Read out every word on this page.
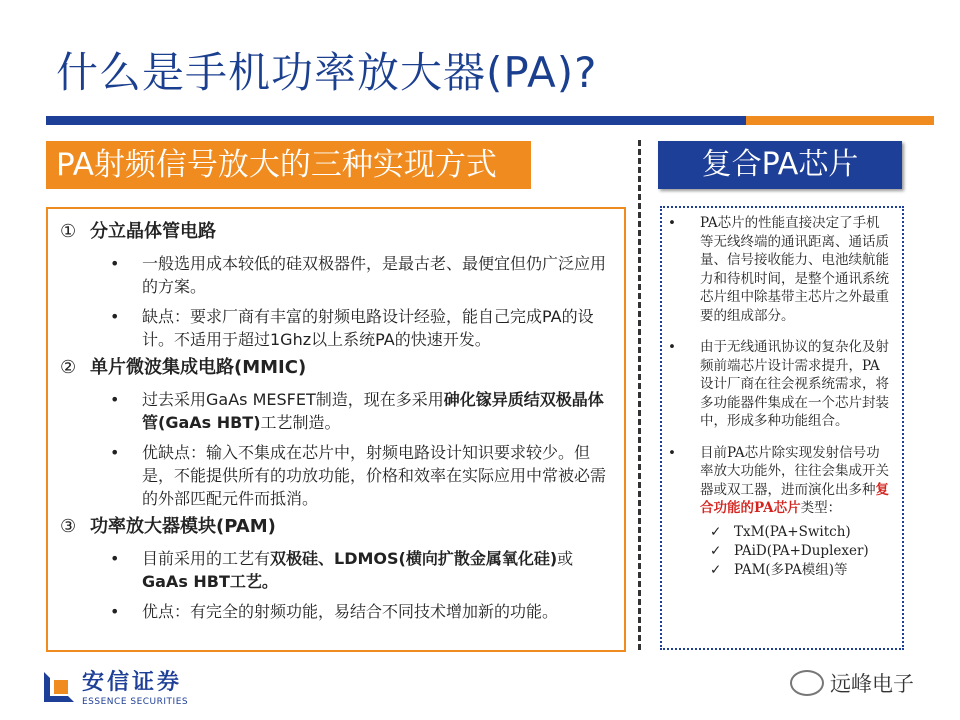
什么是手机功率放大器(PA)?
PA射频信号放大的三种实现方式
① 分立晶体管电路
•	一般选用成本较低的硅双极器件，是最古老、最便宜但仍广泛应用的方案。
•	缺点：要求厂商有丰富的射频电路设计经验，能自己完成PA的设计。不适用于超过1Ghz以上系统PA的快速开发。
② 单片微波集成电路(MMIC)
•	过去采用GaAs MESFET制造，现在多采用砷化镓异质结双极晶体管(GaAs HBT)工艺制造。
•	优缺点：输入不集成在芯片中，射频电路设计知识要求较少。但是，不能提供所有的功放功能，价格和效率在实际应用中常被必需的外部匹配元件而抵消。
③ 功率放大器模块(PAM)
•	目前采用的工艺有双极硅、LDMOS(横向扩散金属氧化硅)或GaAs HBT工艺。
•	优点：有完全的射频功能，易结合不同技术增加新的功能。
复合PA芯片
•	PA芯片的性能直接决定了手机等无线终端的通讯距离、通话质量、信号接收能力、电池续航能力和待机时间，是整个通讯系统芯片组中除基带主芯片之外最重要的组成部分。
•	由于无线通讯协议的复杂化及射频前端芯片设计需求提升，PA设计厂商在往会视系统需求，将多功能器件集成在一个芯片封装中，形成多种功能组合。
•	目前PA芯片除实现发射信号功率放大功能外，往往会集成开关器或双工器，进而演化出多种复合功能的PA芯片类型：
✓ TxM(PA+Switch)
✓ PAiD(PA+Duplexer)
✓ PAM(多PA模组)等
安信证券
ESSENCE SECURITIES
远峰电子
